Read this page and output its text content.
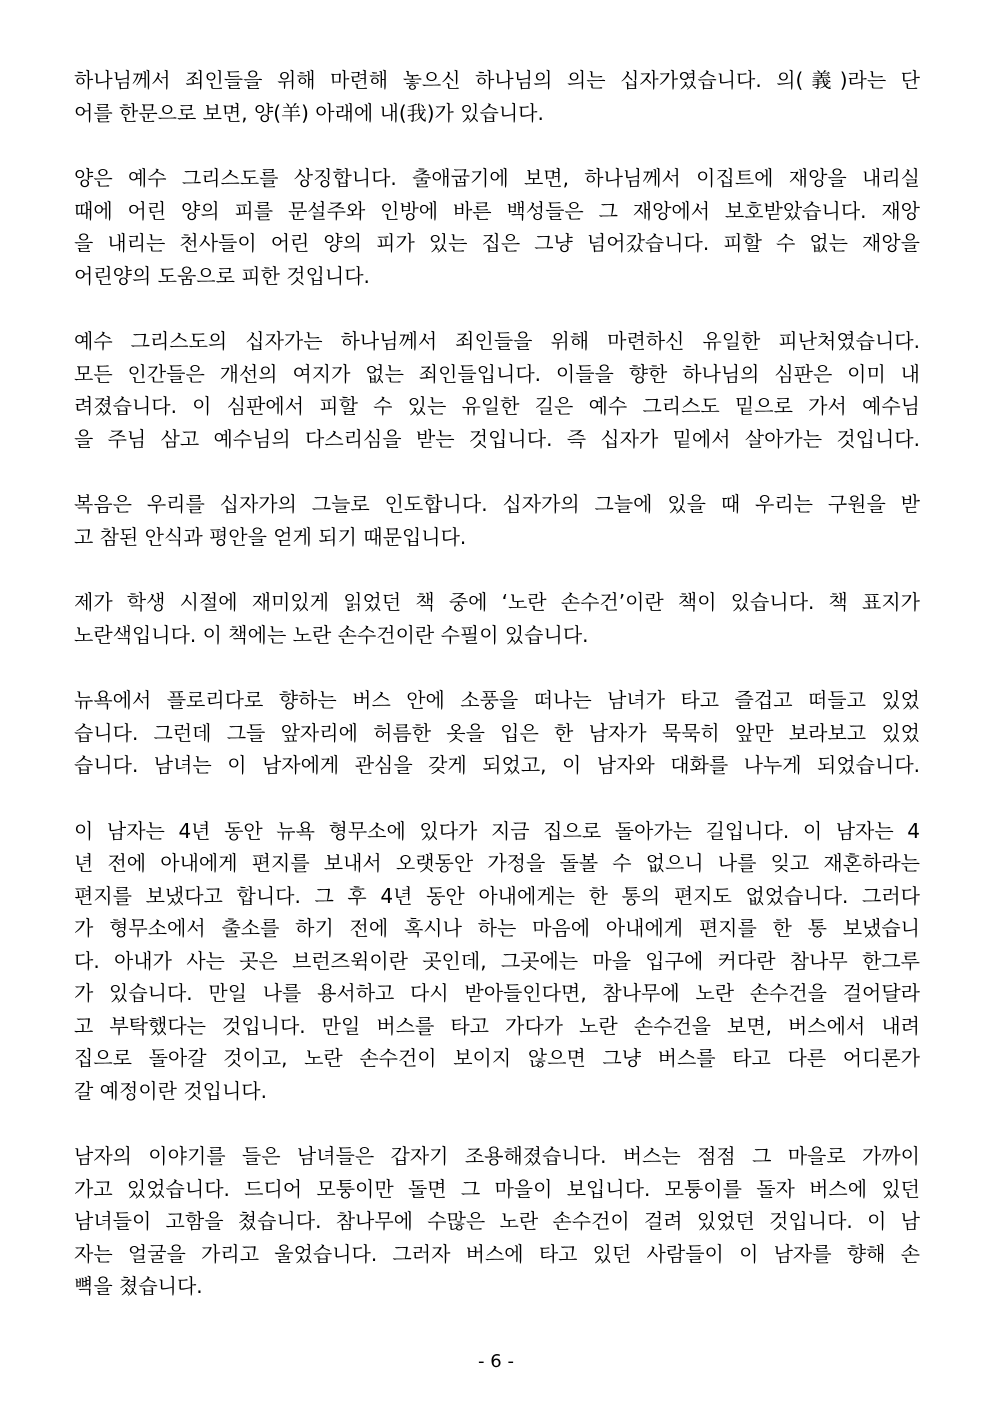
하나님께서 죄인들을 위해 마련해 놓으신 하나님의 의는 십자가였습니다. 의(義)라는 단
어를 한문으로 보면, 양(羊) 아래에 내(我)가 있습니다.
양은 예수 그리스도를 상징합니다. 출애굽기에 보면, 하나님께서 이집트에 재앙을 내리실
때에 어린 양의 피를 문설주와 인방에 바른 백성들은 그 재앙에서 보호받았습니다. 재앙
을 내리는 천사들이 어린 양의 피가 있는 집은 그냥 넘어갔습니다. 피할 수 없는 재앙을
어린양의 도움으로 피한 것입니다.
예수 그리스도의 십자가는 하나님께서 죄인들을 위해 마련하신 유일한 피난처였습니다.
모든 인간들은 개선의 여지가 없는 죄인들입니다. 이들을 향한 하나님의 심판은 이미 내
려졌습니다. 이 심판에서 피할 수 있는 유일한 길은 예수 그리스도 밑으로 가서 예수님
을 주님 삼고 예수님의 다스리심을 받는 것입니다. 즉 십자가 밑에서 살아가는 것입니다.
복음은 우리를 십자가의 그늘로 인도합니다. 십자가의 그늘에 있을 때 우리는 구원을 받
고 참된 안식과 평안을 얻게 되기 때문입니다.
제가 학생 시절에 재미있게 읽었던 책 중에 ‘노란 손수건’이란 책이 있습니다. 책 표지가
노란색입니다. 이 책에는 노란 손수건이란 수필이 있습니다.
뉴욕에서 플로리다로 향하는 버스 안에 소풍을 떠나는 남녀가 타고 즐겁고 떠들고 있었
습니다. 그런데 그들 앞자리에 허름한 옷을 입은 한 남자가 묵묵히 앞만 보라보고 있었
습니다. 남녀는 이 남자에게 관심을 갖게 되었고, 이 남자와 대화를 나누게 되었습니다.
이 남자는 4년 동안 뉴욕 형무소에 있다가 지금 집으로 돌아가는 길입니다. 이 남자는 4
년 전에 아내에게 편지를 보내서 오랫동안 가정을 돌볼 수 없으니 나를 잊고 재혼하라는
편지를 보냈다고 합니다. 그 후 4년 동안 아내에게는 한 통의 편지도 없었습니다. 그러다
가 형무소에서 출소를 하기 전에 혹시나 하는 마음에 아내에게 편지를 한 통 보냈습니
다. 아내가 사는 곳은 브런즈윅이란 곳인데, 그곳에는 마을 입구에 커다란 참나무 한그루
가 있습니다. 만일 나를 용서하고 다시 받아들인다면, 참나무에 노란 손수건을 걸어달라
고 부탁했다는 것입니다. 만일 버스를 타고 가다가 노란 손수건을 보면, 버스에서 내려
집으로 돌아갈 것이고, 노란 손수건이 보이지 않으면 그냥 버스를 타고 다른 어디론가
갈 예정이란 것입니다.
남자의 이야기를 들은 남녀들은 갑자기 조용해졌습니다. 버스는 점점 그 마을로 가까이
가고 있었습니다. 드디어 모퉁이만 돌면 그 마을이 보입니다. 모퉁이를 돌자 버스에 있던
남녀들이 고함을 쳤습니다. 참나무에 수많은 노란 손수건이 걸려 있었던 것입니다. 이 남
자는 얼굴을 가리고 울었습니다. 그러자 버스에 타고 있던 사람들이 이 남자를 향해 손
뼉을 쳤습니다.
- 6 -
